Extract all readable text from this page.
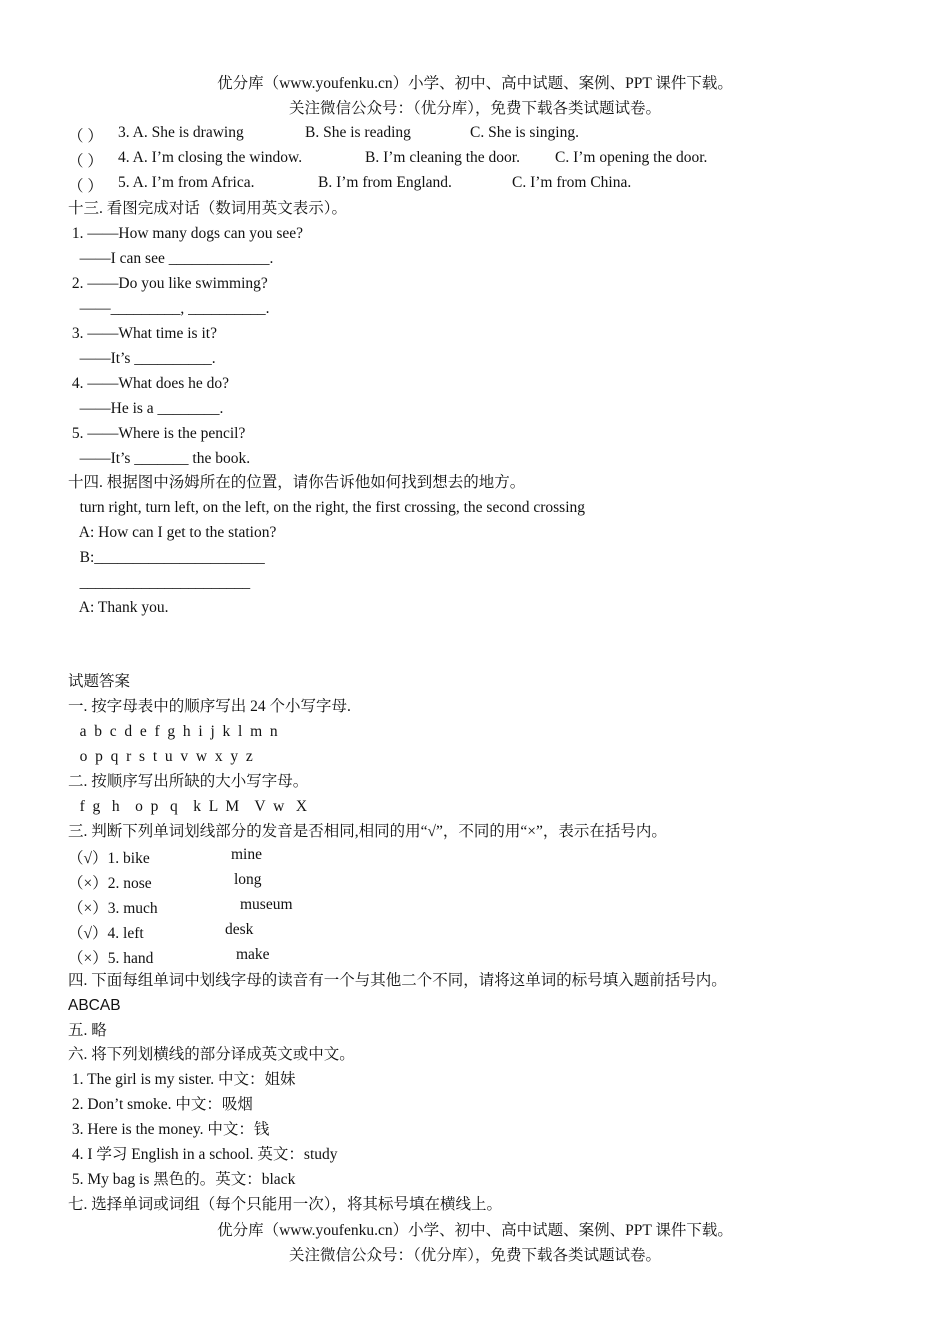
优分库（www.youfenku.cn）小学、初中、高中试题、案例、PPT 课件下载。
关注微信公众号：（优分库），免费下载各类试题试卷。
（ ） 3. A. She is drawing	B. She is reading	C. She is singing.
（ ） 4. A. I’m closing the window.	B. I’m cleaning the door. C. I’m opening the door.
（ ） 5. A. I’m from Africa.	B. I’m from England.	C. I’m from China.
十三. 看图完成对话（数词用英文表示）。
1. ——How many dogs can you see?
——I can see _____________.
2. ——Do you like swimming?
——_________, __________.
3. ——What time is it?
——It’s __________.
4. ——What does he do?
——He is a ________.
5. ——Where is the pencil?
——It’s _______ the book.
十四. 根据图中汤姆所在的位置，请你告诉他如何找到想去的地方。
turn right, turn left, on the left, on the right, the first crossing, the second crossing
A: How can I get to the station?
B:______________________
______________________
A: Thank you.
试题答案
一. 按字母表中的顺序写出 24 个小写字母.
a  b  c  d  e  f  g  h  i  j  k  l  m  n
o  p  q  r  s  t  u  v  w  x  y  z
二. 按顺序写出所缺的大小写字母。
f  g   h    o  p   q    k  L  M    V  w   X
三. 判断下列单词划线部分的发音是否相同,相同的用“√”，不同的用“×”，表示在括号内。
（√）1. bike	mine
（×）2. nose	long
（×）3. much	museum
（√）4. left	desk
（×）5. hand	make
四. 下面每组单词中划线字母的读音有一个与其他二个不同，请将这单词的标号填入题前括号内。
ABCAB
五. 略
六. 将下列划横线的部分译成英文或中文。
1. The girl is my sister. 中文：姐妹
2. Don’t smoke. 中文：吸烟
3. Here is the money. 中文：钱
4. I 学习 English in a school. 英文：study
5. My bag is 黑色的。英文：black
七. 选择单词或词组（每个只能用一次），将其标号填在横线上。
优分库（www.youfenku.cn）小学、初中、高中试题、案例、PPT 课件下载。
关注微信公众号：（优分库），免费下载各类试题试卷。
